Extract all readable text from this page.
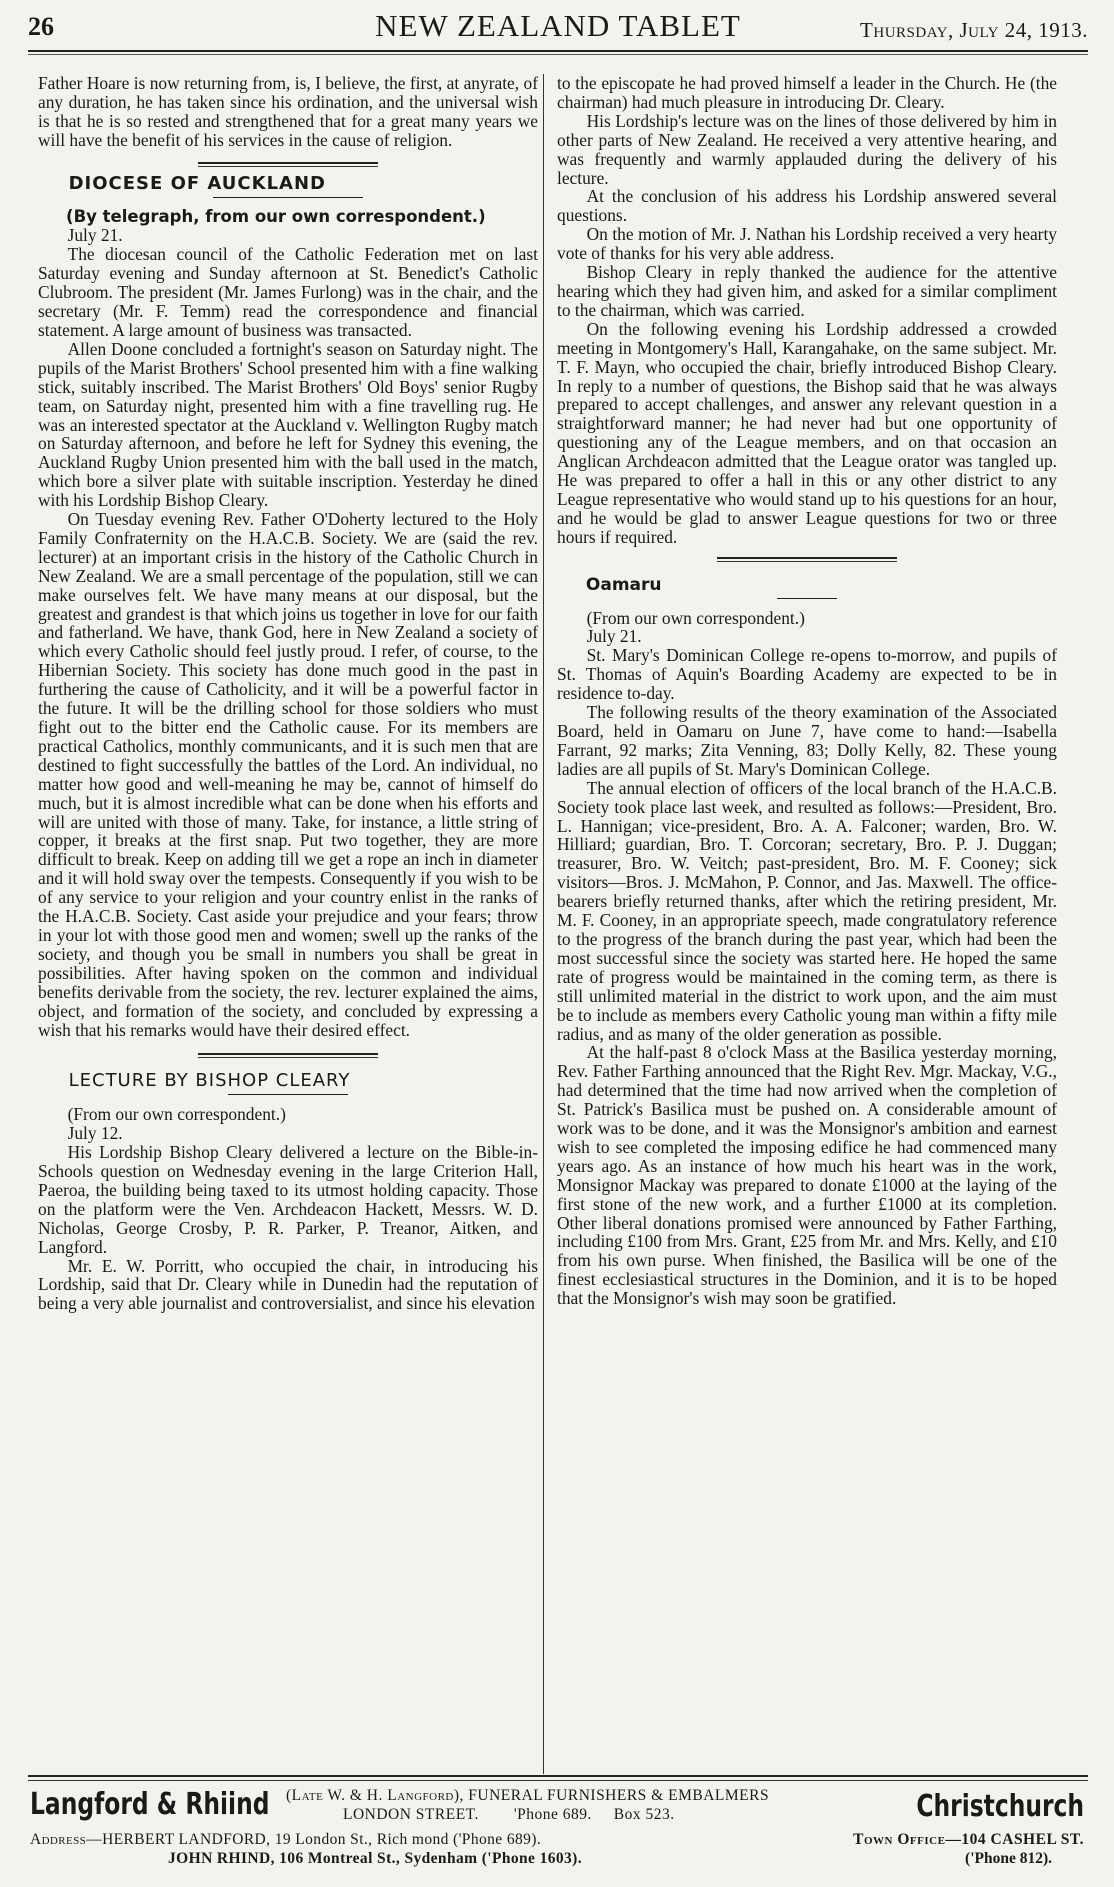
26	NEW ZEALAND TABLET	Thursday, July 24, 1913.

Father Hoare is now returning from, is, I believe, the first, at anyrate, of any duration, he has taken since his ordination, and the universal wish is that he is so rested and strengthened that for a great many years we will have the benefit of his services in the cause of religion.

DIOCESE OF AUCKLAND

(By telegraph, from our own correspondent.)

July 21.

The diocesan council of the Catholic Federation met on last Saturday evening and Sunday afternoon at St. Benedict's Catholic Clubroom. The president (Mr. James Furlong) was in the chair, and the secretary (Mr. F. Temm) read the correspondence and financial statement. A large amount of business was transacted.

Allen Doone concluded a fortnight's season on Saturday night. The pupils of the Marist Brothers' School presented him with a fine walking stick, suitably inscribed. The Marist Brothers' Old Boys' senior Rugby team, on Saturday night, presented him with a fine travelling rug. He was an interested spectator at the Auckland v. Wellington Rugby match on Saturday afternoon, and before he left for Sydney this evening, the Auckland Rugby Union presented him with the ball used in the match, which bore a silver plate with suitable inscription. Yesterday he dined with his Lordship Bishop Cleary.

On Tuesday evening Rev. Father O'Doherty lectured to the Holy Family Confraternity on the H.A.C.B. Society. We are (said the rev. lecturer) at an important crisis in the history of the Catholic Church in New Zealand. We are a small percentage of the population, still we can make ourselves felt. We have many means at our disposal, but the greatest and grandest is that which joins us together in love for our faith and fatherland. We have, thank God, here in New Zealand a society of which every Catholic should feel justly proud. I refer, of course, to the Hibernian Society. This society has done much good in the past in furthering the cause of Catholicity, and it will be a powerful factor in the future. It will be the drilling school for those soldiers who must fight out to the bitter end the Catholic cause. For its members are practical Catholics, monthly communicants, and it is such men that are destined to fight successfully the battles of the Lord. An individual, no matter how good and well-meaning he may be, cannot of himself do much, but it is almost incredible what can be done when his efforts and will are united with those of many. Take, for instance, a little string of copper, it breaks at the first snap. Put two together, they are more difficult to break. Keep on adding till we get a rope an inch in diameter and it will hold sway over the tempests. Consequently if you wish to be of any service to your religion and your country enlist in the ranks of the H.A.C.B. Society. Cast aside your prejudice and your fears; throw in your lot with those good men and women; swell up the ranks of the society, and though you be small in numbers you shall be great in possibilities. After having spoken on the common and individual benefits derivable from the society, the rev. lecturer explained the aims, object, and formation of the society, and concluded by expressing a wish that his remarks would have their desired effect.

LECTURE BY BISHOP CLEARY

(From our own correspondent.)

July 12.

His Lordship Bishop Cleary delivered a lecture on the Bible-in-Schools question on Wednesday evening in the large Criterion Hall, Paeroa, the building being taxed to its utmost holding capacity. Those on the platform were the Ven. Archdeacon Hackett, Messrs. W. D. Nicholas, George Crosby, P. R. Parker, P. Treanor, Aitken, and Langford.

Mr. E. W. Porritt, who occupied the chair, in introducing his Lordship, said that Dr. Cleary while in Dunedin had the reputation of being a very able journalist and controversialist, and since his elevation

to the episcopate he had proved himself a leader in the Church. He (the chairman) had much pleasure in introducing Dr. Cleary.

His Lordship's lecture was on the lines of those delivered by him in other parts of New Zealand. He received a very attentive hearing, and was frequently and warmly applauded during the delivery of his lecture.

At the conclusion of his address his Lordship answered several questions.

On the motion of Mr. J. Nathan his Lordship received a very hearty vote of thanks for his very able address.

Bishop Cleary in reply thanked the audience for the attentive hearing which they had given him, and asked for a similar compliment to the chairman, which was carried.

On the following evening his Lordship addressed a crowded meeting in Montgomery's Hall, Karangahake, on the same subject. Mr. T. F. Mayn, who occupied the chair, briefly introduced Bishop Cleary. In reply to a number of questions, the Bishop said that he was always prepared to accept challenges, and answer any relevant question in a straightforward manner; he had never had but one opportunity of questioning any of the League members, and on that occasion an Anglican Archdeacon admitted that the League orator was tangled up. He was prepared to offer a hall in this or any other district to any League representative who would stand up to his questions for an hour, and he would be glad to answer League questions for two or three hours if required.

Oamaru

(From our own correspondent.)

July 21.

St. Mary's Dominican College re-opens to-morrow, and pupils of St. Thomas of Aquin's Boarding Academy are expected to be in residence to-day.

The following results of the theory examination of the Associated Board, held in Oamaru on June 7, have come to hand:—Isabella Farrant, 92 marks; Zita Venning, 83; Dolly Kelly, 82. These young ladies are all pupils of St. Mary's Dominican College.

The annual election of officers of the local branch of the H.A.C.B. Society took place last week, and resulted as follows:—President, Bro. L. Hannigan; vice-president, Bro. A. A. Falconer; warden, Bro. W. Hilliard; guardian, Bro. T. Corcoran; secretary, Bro. P. J. Duggan; treasurer, Bro. W. Veitch; past-president, Bro. M. F. Cooney; sick visitors—Bros. J. McMahon, P. Connor, and Jas. Maxwell. The office-bearers briefly returned thanks, after which the retiring president, Mr. M. F. Cooney, in an appropriate speech, made congratulatory reference to the progress of the branch during the past year, which had been the most successful since the society was started here. He hoped the same rate of progress would be maintained in the coming term, as there is still unlimited material in the district to work upon, and the aim must be to include as members every Catholic young man within a fifty mile radius, and as many of the older generation as possible.

At the half-past 8 o'clock Mass at the Basilica yesterday morning, Rev. Father Farthing announced that the Right Rev. Mgr. Mackay, V.G., had determined that the time had now arrived when the completion of St. Patrick's Basilica must be pushed on. A considerable amount of work was to be done, and it was the Monsignor's ambition and earnest wish to see completed the imposing edifice he had commenced many years ago. As an instance of how much his heart was in the work, Monsignor Mackay was prepared to donate £1000 at the laying of the first stone of the new work, and a further £1000 at its completion. Other liberal donations promised were announced by Father Farthing, including £100 from Mrs. Grant, £25 from Mr. and Mrs. Kelly, and £10 from his own purse. When finished, the Basilica will be one of the finest ecclesiastical structures in the Dominion, and it is to be hoped that the Monsignor's wish may soon be gratified.

Langford & Rhiind (Late W. & H. Langford), FUNERAL FURNISHERS & EMBALMERS
LONDON STREET. 'Phone 689. Box 523.	Christchurch
Address—HERBERT LANDFORD, 19 London St., Rich mond ('Phone 689).
JOHN RHIND, 106 Montreal St., Sydenham ('Phone 1603).
Town Office—104 CASHEL ST.
('Phone 812).
